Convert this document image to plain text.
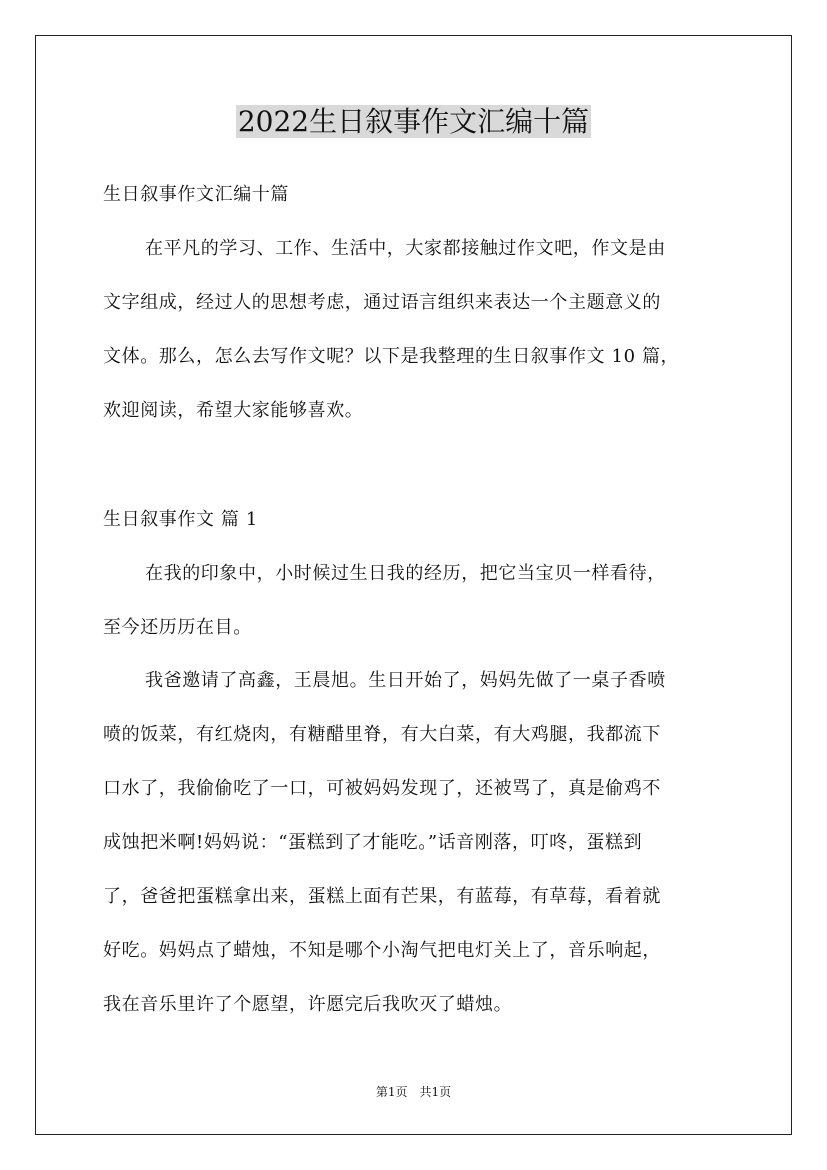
2022生日叙事作文汇编十篇
生日叙事作文汇编十篇
在平凡的学习、工作、生活中，大家都接触过作文吧，作文是由
文字组成，经过人的思想考虑，通过语言组织来表达一个主题意义的
文体。那么，怎么去写作文呢？以下是我整理的生日叙事作文 10 篇，
欢迎阅读，希望大家能够喜欢。
生日叙事作文 篇 1
在我的印象中，小时候过生日我的经历，把它当宝贝一样看待，
至今还历历在目。
我爸邀请了高鑫，王晨旭。生日开始了，妈妈先做了一桌子香喷
喷的饭菜，有红烧肉，有糖醋里脊，有大白菜，有大鸡腿，我都流下
口水了，我偷偷吃了一口，可被妈妈发现了，还被骂了，真是偷鸡不
成蚀把米啊!妈妈说：“蛋糕到了才能吃。”话音刚落，叮咚，蛋糕到
了，爸爸把蛋糕拿出来，蛋糕上面有芒果，有蓝莓，有草莓，看着就
好吃。妈妈点了蜡烛，不知是哪个小淘气把电灯关上了，音乐响起，
我在音乐里许了个愿望，许愿完后我吹灭了蜡烛。
第1页 共1页
